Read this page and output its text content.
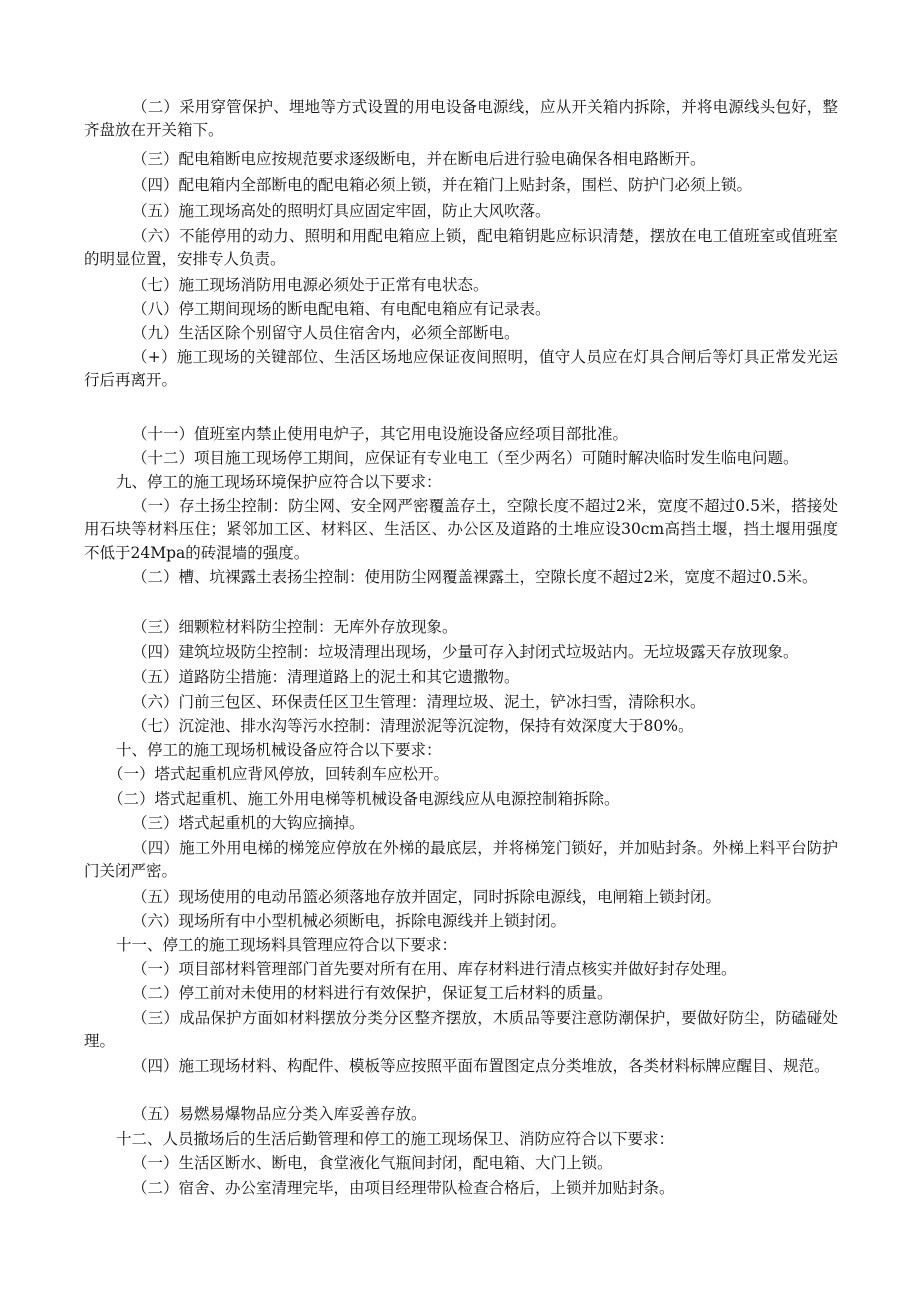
（二）采用穿管保护、埋地等方式设置的用电设备电源线，应从开关箱内拆除，并将电源线头包好，整齐盘放在开关箱下。

（三）配电箱断电应按规范要求逐级断电，并在断电后进行验电确保各相电路断开。

（四）配电箱内全部断电的配电箱必须上锁，并在箱门上贴封条，围栏、防护门必须上锁。

（五）施工现场高处的照明灯具应固定牢固，防止大风吹落。

（六）不能停用的动力、照明和用配电箱应上锁，配电箱钥匙应标识清楚，摆放在电工值班室或值班室的明显位置，安排专人负责。

（七）施工现场消防用电源必须处于正常有电状态。

（八）停工期间现场的断电配电箱、有电配电箱应有记录表。

（九）生活区除个别留守人员住宿舍内，必须全部断电。

（+）施工现场的关键部位、生活区场地应保证夜间照明，值守人员应在灯具合闸后等灯具正常发光运行后再离开。

（十一）值班室内禁止使用电炉子，其它用电设施设备应经项目部批准。

（十二）项目施工现场停工期间，应保证有专业电工（至少两名）可随时解决临时发生临电问题。

九、停工的施工现场环境保护应符合以下要求：

（一）存土扬尘控制：防尘网、安全网严密覆盖存土，空隙长度不超过2米，宽度不超过0.5米，搭接处用石块等材料压住；紧邻加工区、材料区、生活区、办公区及道路的土堆应设30cm高挡土堰，挡土堰用强度不低于24Mpa的砖混墙的强度。

（二）槽、坑裸露土表扬尘控制：使用防尘网覆盖裸露土，空隙长度不超过2米，宽度不超过0.5米。

（三）细颗粒材料防尘控制：无库外存放现象。

（四）建筑垃圾防尘控制：垃圾清理出现场，少量可存入封闭式垃圾站内。无垃圾露天存放现象。

（五）道路防尘措施：清理道路上的泥土和其它遗撒物。

（六）门前三包区、环保责任区卫生管理：清理垃圾、泥土，铲冰扫雪，清除积水。

（七）沉淀池、排水沟等污水控制：清理淤泥等沉淀物，保持有效深度大于80%。

十、停工的施工现场机械设备应符合以下要求：

（一）塔式起重机应背风停放，回转刹车应松开。

（二）塔式起重机、施工外用电梯等机械设备电源线应从电源控制箱拆除。

（三）塔式起重机的大钩应摘掉。

（四）施工外用电梯的梯笼应停放在外梯的最底层，并将梯笼门锁好，并加贴封条。外梯上料平台防护门关闭严密。

（五）现场使用的电动吊篮必须落地存放并固定，同时拆除电源线，电闸箱上锁封闭。

（六）现场所有中小型机械必须断电，拆除电源线并上锁封闭。

十一、停工的施工现场料具管理应符合以下要求：

（一）项目部材料管理部门首先要对所有在用、库存材料进行清点核实并做好封存处理。

（二）停工前对未使用的材料进行有效保护，保证复工后材料的质量。

（三）成品保护方面如材料摆放分类分区整齐摆放，木质品等要注意防潮保护，要做好防尘，防磕碰处理。

（四）施工现场材料、构配件、模板等应按照平面布置图定点分类堆放，各类材料标牌应醒目、规范。

（五）易燃易爆物品应分类入库妥善存放。

十二、人员撤场后的生活后勤管理和停工的施工现场保卫、消防应符合以下要求：

（一）生活区断水、断电，食堂液化气瓶间封闭，配电箱、大门上锁。

（二）宿舍、办公室清理完毕，由项目经理带队检查合格后，上锁并加贴封条。
